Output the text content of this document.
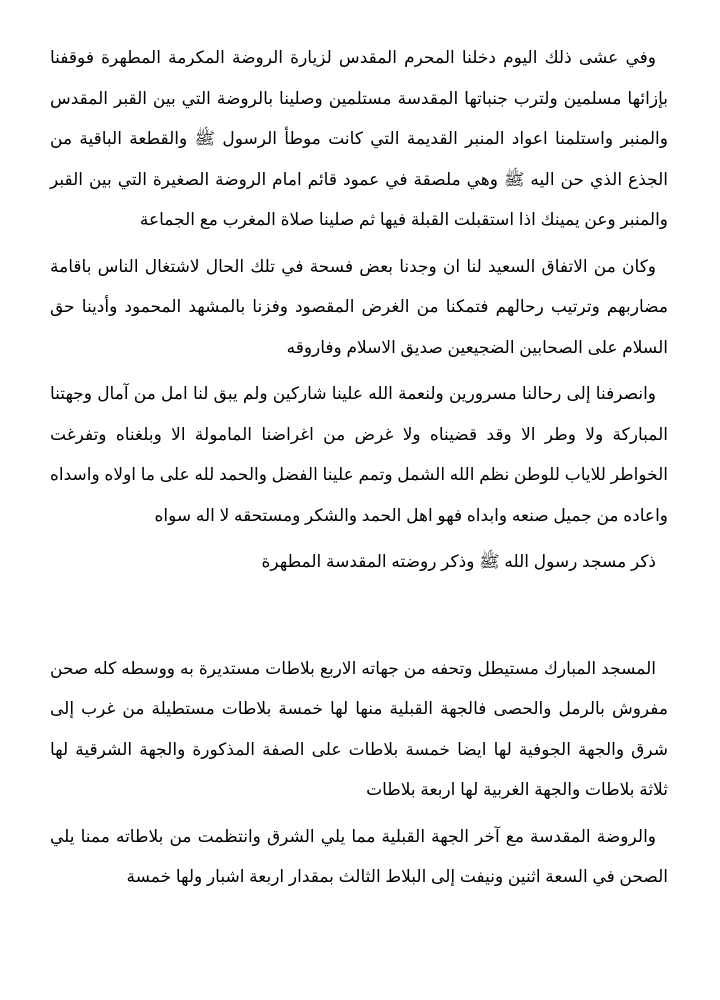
وفي عشى ذلك اليوم دخلنا المحرم المقدس لزيارة الروضة المكرمة المطهرة فوقفنا بإزائها مسلمين ولترب جنباتها المقدسة مستلمين وصلينا بالروضة التي بين القبر المقدس والمنبر واستلمنا اعواد المنبر القديمة التي كانت موطأ الرسول ﷺ والقطعة الباقية من الجذع الذي حن اليه ﷺ وهي ملصقة في عمود قائم امام الروضة الصغيرة التي بين القبر والمنبر وعن يمينك اذا استقبلت القبلة فيها ثم صلينا صلاة المغرب مع الجماعة

وكان من الاتفاق السعيد لنا ان وجدنا بعض فسحة في تلك الحال لاشتغال الناس باقامة مضاربهم وترتيب رحالهم فتمكنا من الغرض المقصود وفزنا بالمشهد المحمود وأدينا حق السلام على الصحابين الضجيعين صديق الاسلام وفاروقه

وانصرفنا إلى رحالنا مسرورين ولنعمة الله علينا شاركين ولم يبق لنا امل من آمال وجهتنا المباركة ولا وطر الا وقد قضيناه ولا غرض من اغراضنا المامولة الا وبلغناه وتفرغت الخواطر للاياب للوطن نظم الله الشمل وتمم علينا الفضل والحمد لله على ما اولاه واسداه واعاده من جميل صنعه وابداه فهو اهل الحمد والشكر ومستحقه لا اله سواه

ذكر مسجد رسول الله ﷺ وذكر روضته المقدسة المطهرة

المسجد المبارك مستيطل وتحفه من جهاته الاربع بلاطات مستديرة به ووسطه كله صحن مفروش بالرمل والحصى فالجهة القبلية منها لها خمسة بلاطات مستطيلة من غرب إلى شرق والجهة الجوفية لها ايضا خمسة بلاطات على الصفة المذكورة والجهة الشرقية لها ثلاثة بلاطات والجهة الغربية لها اربعة بلاطات

والروضة المقدسة مع آخر الجهة القبلية مما يلي الشرق وانتظمت من بلاطاته ممنا يلي الصحن في السعة اثنين ونيفت إلى البلاط الثالث بمقدار اربعة اشبار ولها خمسة
